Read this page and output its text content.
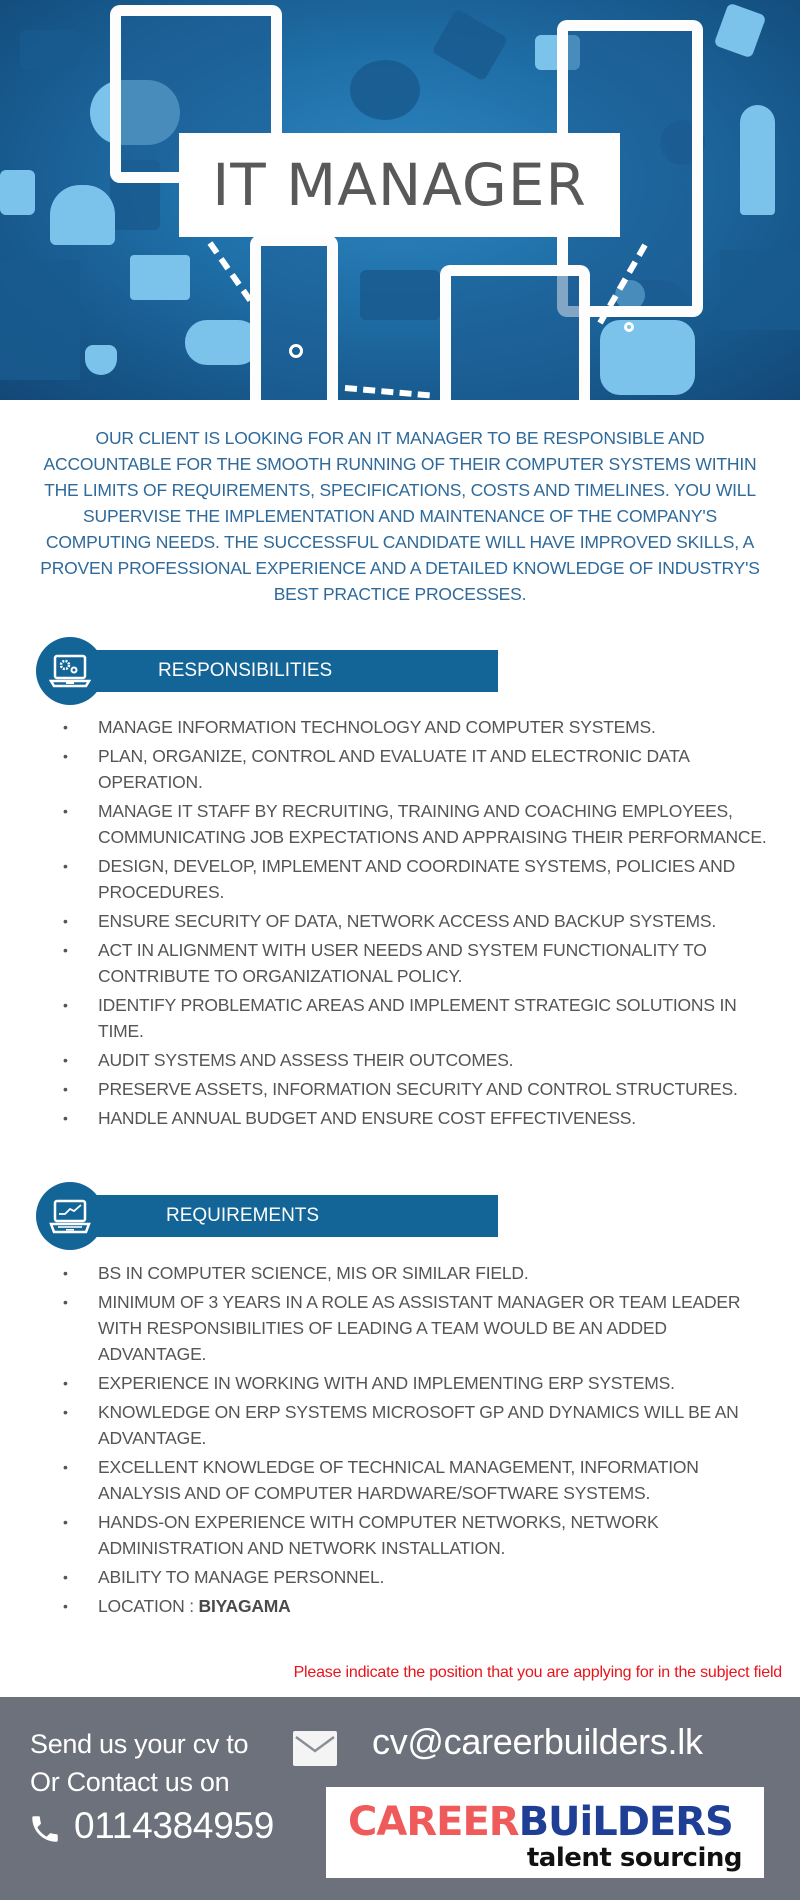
IT MANAGER

OUR CLIENT IS LOOKING FOR AN IT MANAGER TO BE RESPONSIBLE AND ACCOUNTABLE FOR THE SMOOTH RUNNING OF THEIR COMPUTER SYSTEMS WITHIN THE LIMITS OF REQUIREMENTS, SPECIFICATIONS, COSTS AND TIMELINES. YOU WILL SUPERVISE THE IMPLEMENTATION AND MAINTENANCE OF THE COMPANY'S COMPUTING NEEDS. THE SUCCESSFUL CANDIDATE WILL HAVE IMPROVED SKILLS, A PROVEN PROFESSIONAL EXPERIENCE AND A DETAILED KNOWLEDGE OF INDUSTRY'S BEST PRACTICE PROCESSES.

RESPONSIBILITIES
• MANAGE INFORMATION TECHNOLOGY AND COMPUTER SYSTEMS.
• PLAN, ORGANIZE, CONTROL AND EVALUATE IT AND ELECTRONIC DATA OPERATION.
• MANAGE IT STAFF BY RECRUITING, TRAINING AND COACHING EMPLOYEES, COMMUNICATING JOB EXPECTATIONS AND APPRAISING THEIR PERFORMANCE.
• DESIGN, DEVELOP, IMPLEMENT AND COORDINATE SYSTEMS, POLICIES AND PROCEDURES.
• ENSURE SECURITY OF DATA, NETWORK ACCESS AND BACKUP SYSTEMS.
• ACT IN ALIGNMENT WITH USER NEEDS AND SYSTEM FUNCTIONALITY TO CONTRIBUTE TO ORGANIZATIONAL POLICY.
• IDENTIFY PROBLEMATIC AREAS AND IMPLEMENT STRATEGIC SOLUTIONS IN TIME.
• AUDIT SYSTEMS AND ASSESS THEIR OUTCOMES.
• PRESERVE ASSETS, INFORMATION SECURITY AND CONTROL STRUCTURES.
• HANDLE ANNUAL BUDGET AND ENSURE COST EFFECTIVENESS.
REQUIREMENTS
• BS IN COMPUTER SCIENCE, MIS OR SIMILAR FIELD.
• MINIMUM OF 3 YEARS IN A ROLE AS ASSISTANT MANAGER OR TEAM LEADER WITH RESPONSIBILITIES OF LEADING A TEAM WOULD BE AN ADDED ADVANTAGE.
• EXPERIENCE IN WORKING WITH AND IMPLEMENTING ERP SYSTEMS.
• KNOWLEDGE ON ERP SYSTEMS MICROSOFT GP AND DYNAMICS WILL BE AN ADVANTAGE.
• EXCELLENT KNOWLEDGE OF TECHNICAL MANAGEMENT, INFORMATION ANALYSIS AND OF COMPUTER HARDWARE/SOFTWARE SYSTEMS.
• HANDS-ON EXPERIENCE WITH COMPUTER NETWORKS, NETWORK ADMINISTRATION AND NETWORK INSTALLATION.
• ABILITY TO MANAGE PERSONNEL.
• LOCATION : BIYAGAMA
Please indicate the position that you are applying for in the subject field
Send us your cv to	cv@careerbuilders.lk
Or Contact us on
0114384959 CAREERBUiLDERS
talent sourcing
